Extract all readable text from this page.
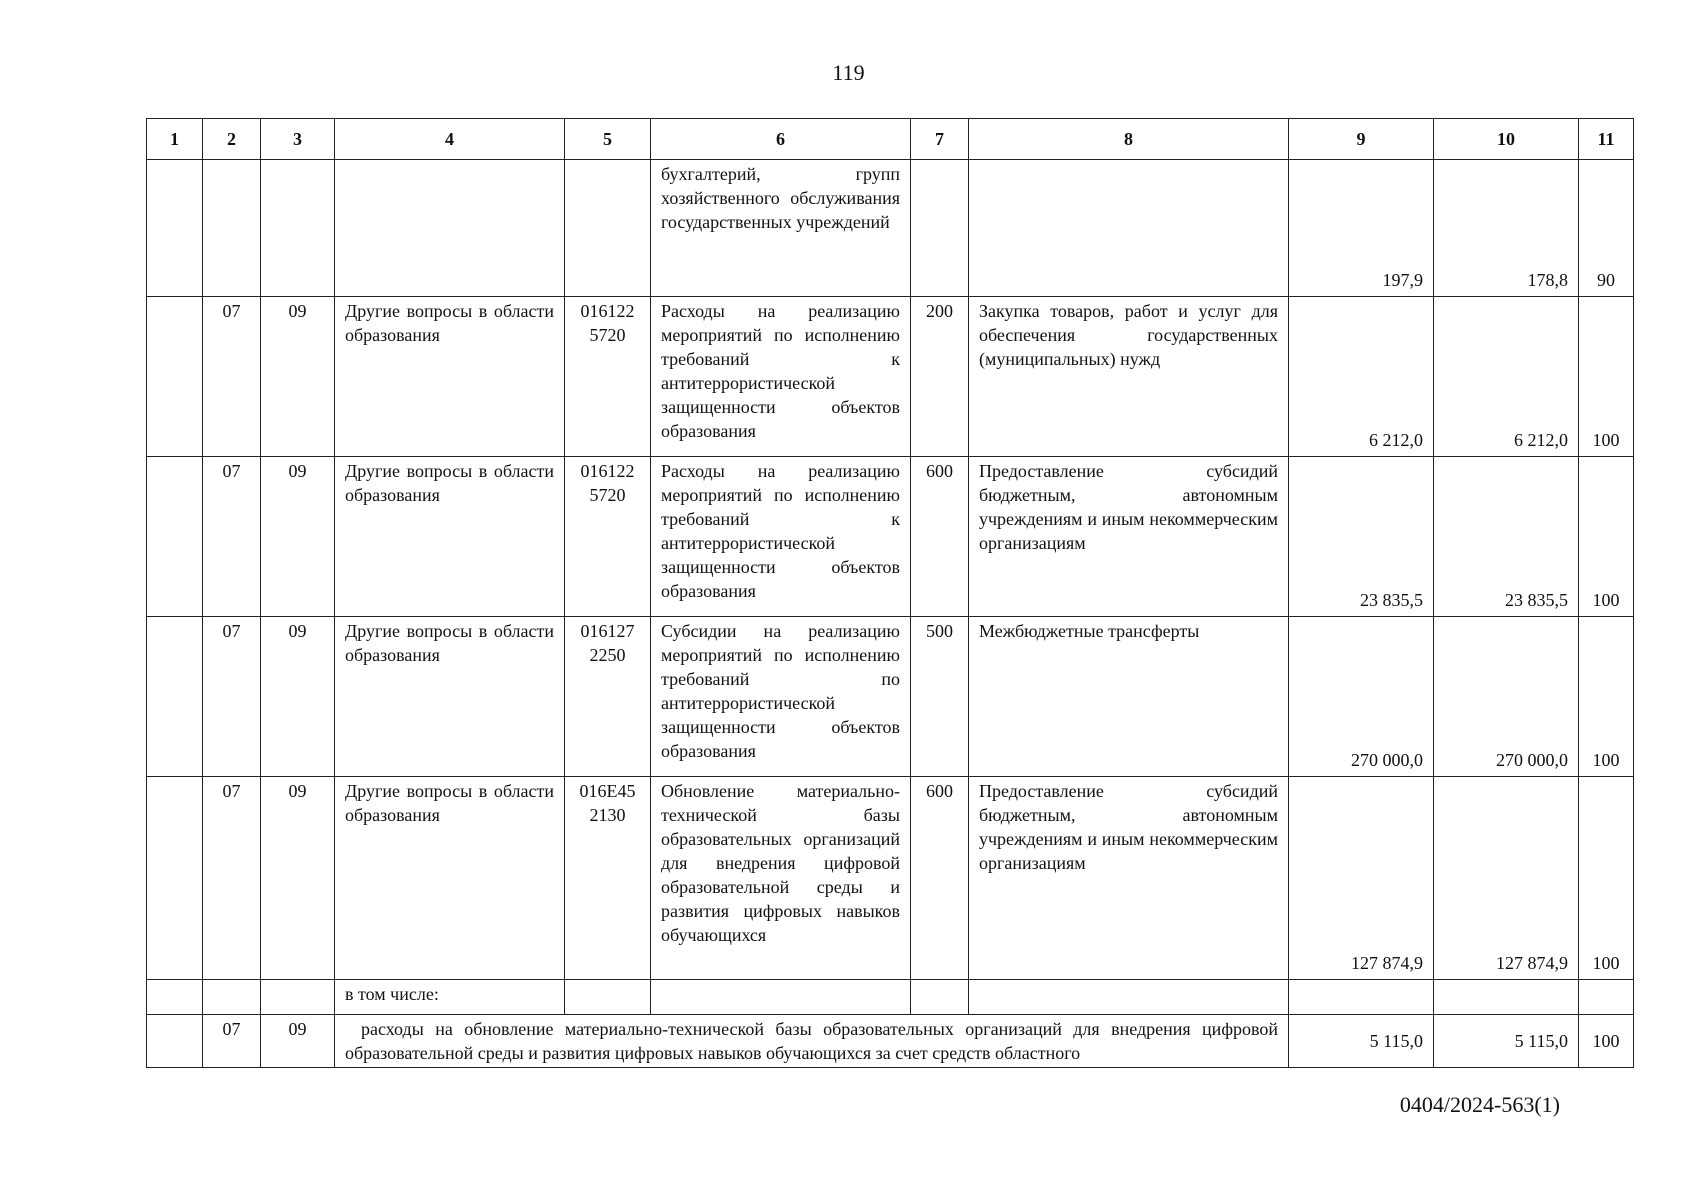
119
1	2	3	4	5	6	7	8	9	10	11
					бухгалтерий, групп хозяйственного обслуживания государственных учреждений			197,9	178,8	90
	07	09	Другие вопросы в области образования	016122 5720	Расходы на реализацию мероприятий по исполнению требований к антитеррористической защищенности объектов образования	200	Закупка товаров, работ и услуг для обеспечения государственных (муниципальных) нужд	6 212,0	6 212,0	100
	07	09	Другие вопросы в области образования	016122 5720	Расходы на реализацию мероприятий по исполнению требований к антитеррористической защищенности объектов образования	600	Предоставление субсидий бюджетным, автономным учреждениям и иным некоммерческим организациям	23 835,5	23 835,5	100
	07	09	Другие вопросы в области образования	016127 2250	Субсидии на реализацию мероприятий по исполнению требований по антитеррористической защищенности объектов образования	500	Межбюджетные трансферты	270 000,0	270 000,0	100
	07	09	Другие вопросы в области образования	016E45 2130	Обновление материально-технической базы образовательных организаций для внедрения цифровой образовательной среды и развития цифровых навыков обучающихся	600	Предоставление субсидий бюджетным, автономным учреждениям и иным некоммерческим организациям	127 874,9	127 874,9	100
			в том числе:							
	07	09	расходы на обновление материально-технической базы образовательных организаций для внедрения цифровой образовательной среды и развития цифровых навыков обучающихся за счет средств областного					5 115,0	5 115,0	100
0404/2024-563(1)
